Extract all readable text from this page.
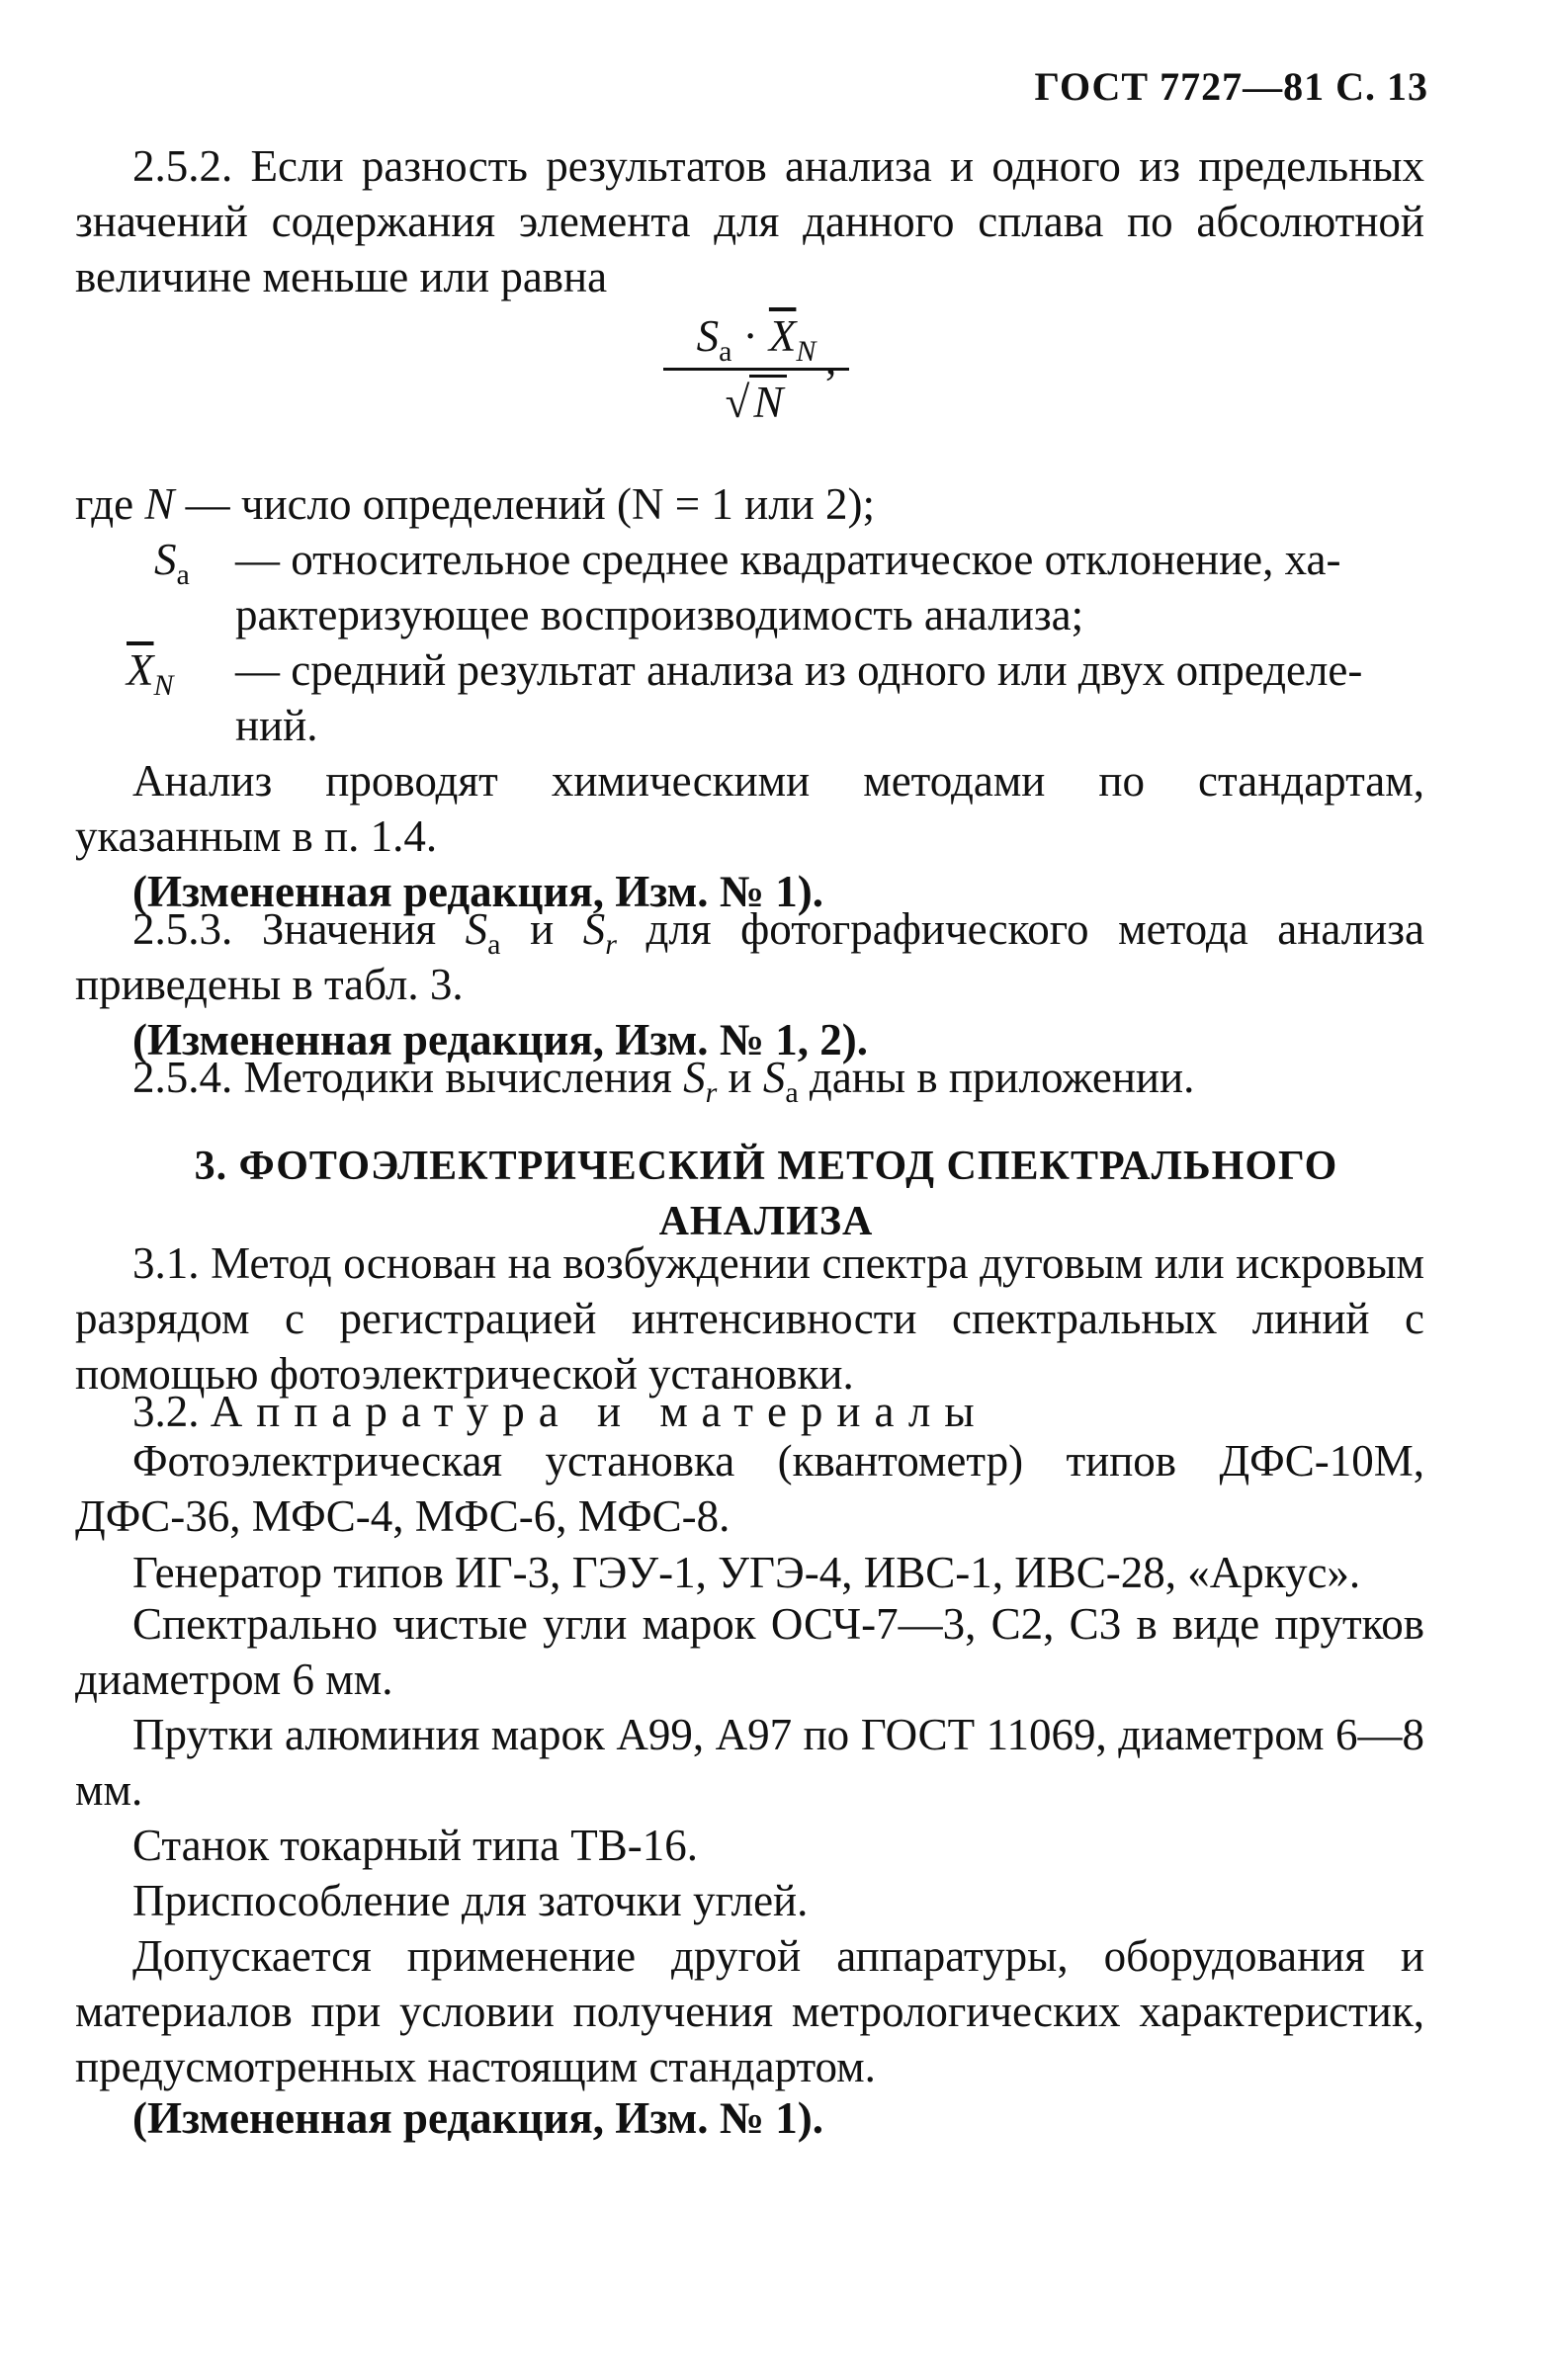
ГОСТ 7727—81 С. 13
2.5.2. Если разность результатов анализа и одного из предельных значений содержания элемента для данного сплава по абсолютной величине меньше или равна
$S_а \cdot \overline{X}_N$
√N
,
где N — число определений (N = 1 или 2);
$S_а$ — относительное среднее квадратическое отклонение, ха-
рактеризующее воспроизводимость анализа;
$\overline{X}_N$ — средний результат анализа из одного или двух определе-
ний.
Анализ проводят химическими методами по стандартам, указанным в п. 1.4.
(Измененная редакция, Изм. № 1).
2.5.3. Значения $S_а$ и $S_r$ для фотографического метода анализа приведены в табл. 3.
(Измененная редакция, Изм. № 1, 2).
2.5.4. Методики вычисления $S_r$ и $S_а$ даны в приложении.
3. ФОТОЭЛЕКТРИЧЕСКИЙ МЕТОД СПЕКТРАЛЬНОГО АНАЛИЗА
3.1. Метод основан на возбуждении спектра дуговым или искровым разрядом с регистрацией интенсивности спектральных линий с помощью фотоэлектрической установки.
3.2. Аппаратура и материалы
Фотоэлектрическая установка (квантометр) типов ДФС-10М, ДФС-36, МФС-4, МФС-6, МФС-8.
Генератор типов ИГ-3, ГЭУ-1, УГЭ-4, ИВС-1, ИВС-28, «Аркус».
Спектрально чистые угли марок ОСЧ-7—3, С2, С3 в виде прутков диаметром 6 мм.
Прутки алюминия марок А99, А97 по ГОСТ 11069, диаметром 6—8 мм.
Станок токарный типа ТВ-16.
Приспособление для заточки углей.
Допускается применение другой аппаратуры, оборудования и материалов при условии получения метрологических характеристик, предусмотренных настоящим стандартом.
(Измененная редакция, Изм. № 1).
